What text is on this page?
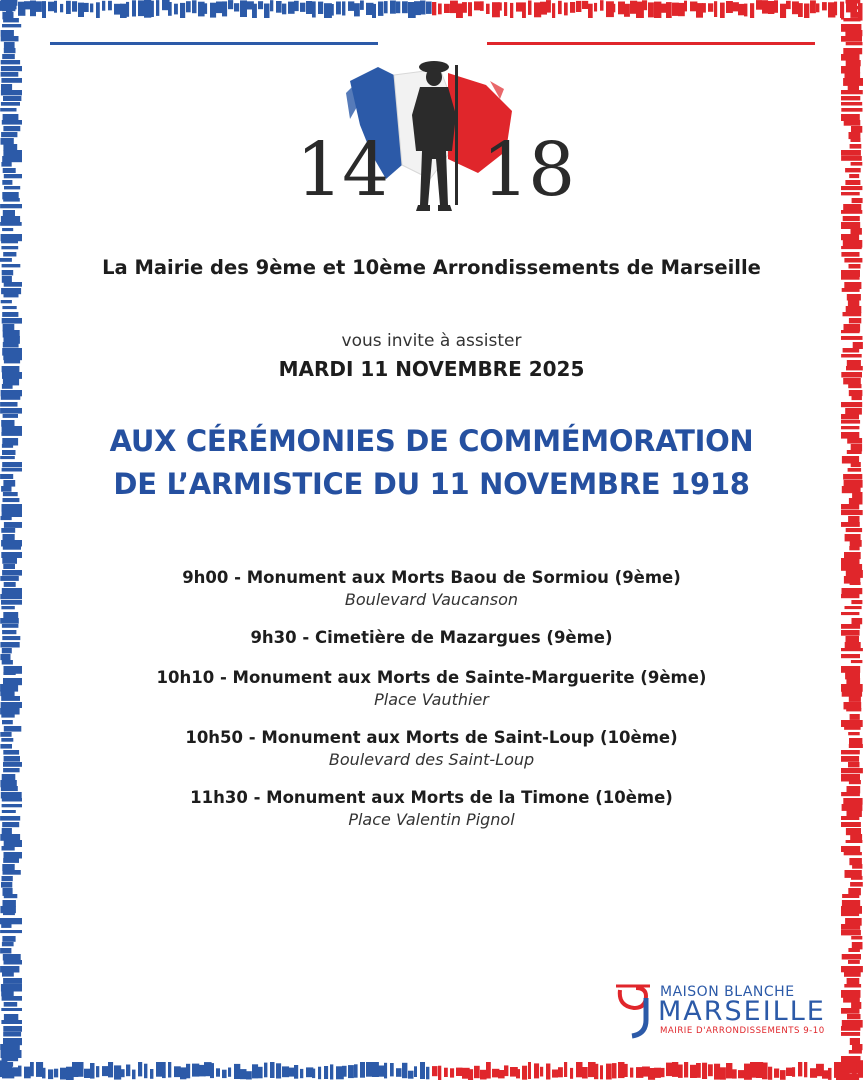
14 18
La Mairie des 9ème et 10ème Arrondissements de Marseille
vous invite à assister
MARDI 11 NOVEMBRE 2025
AUX CÉRÉMONIES DE COMMÉMORATION
DE L’ARMISTICE DU 11 NOVEMBRE 1918
9h00 - Monument aux Morts Baou de Sormiou (9ème)
Boulevard Vaucanson
9h30 - Cimetière de Mazargues (9ème)
10h10 - Monument aux Morts de Sainte-Marguerite (9ème)
Place Vauthier
10h50 - Monument aux Morts de Saint-Loup (10ème)
Boulevard des Saint-Loup
11h30 - Monument aux Morts de la Timone (10ème)
Place Valentin Pignol
MAISON BLANCHE
MARSEILLE
MAIRIE D'ARRONDISSEMENTS 9-10
